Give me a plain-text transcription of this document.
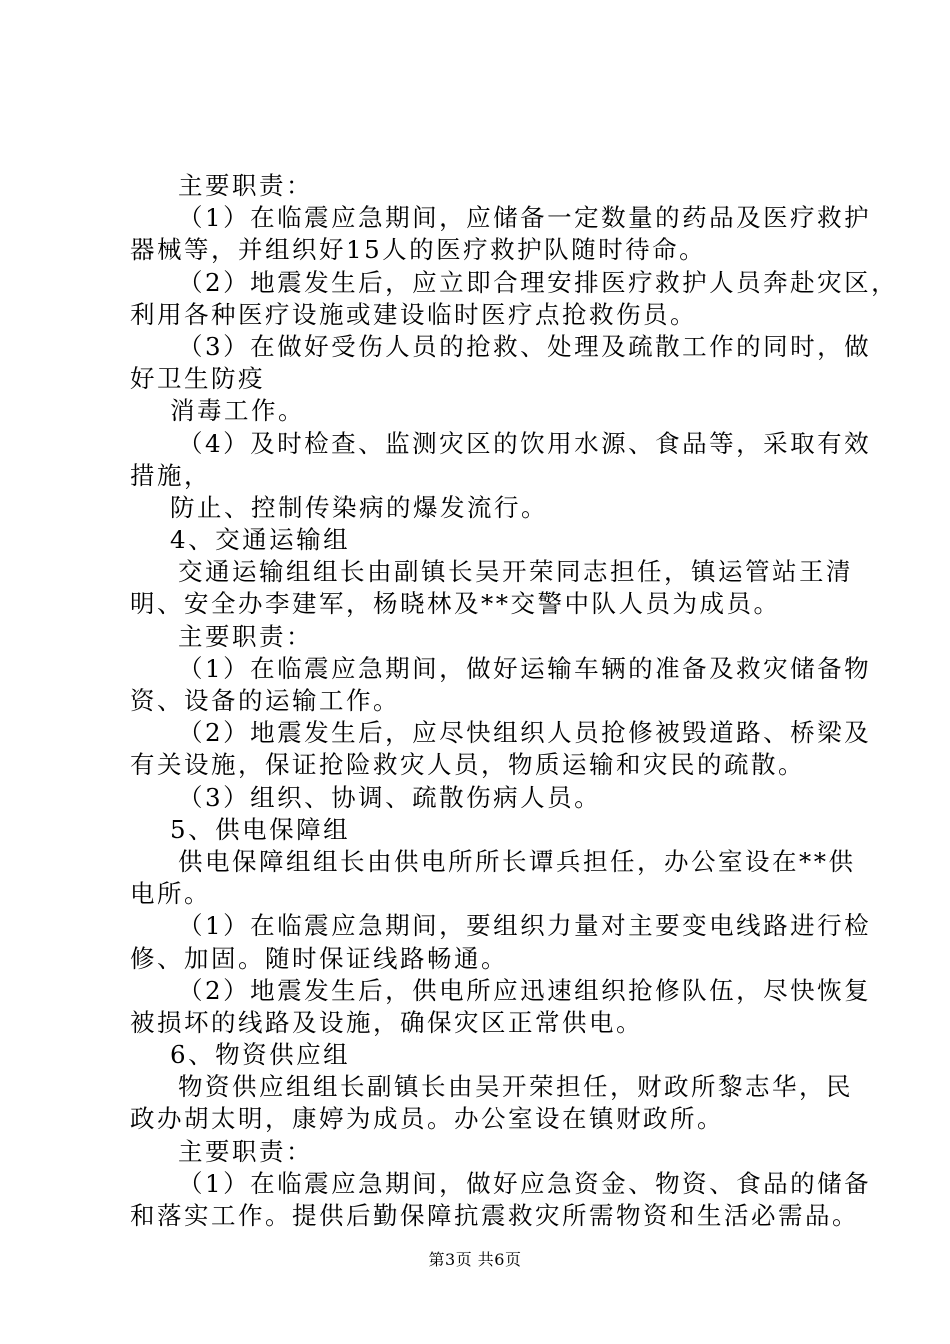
主要职责：
（1）在临震应急期间，应储备一定数量的药品及医疗救护
器械等，并组织好15人的医疗救护队随时待命。
（2）地震发生后，应立即合理安排医疗救护人员奔赴灾区，
利用各种医疗设施或建设临时医疗点抢救伤员。
（3）在做好受伤人员的抢救、处理及疏散工作的同时，做
好卫生防疫
消毒工作。
（4）及时检查、监测灾区的饮用水源、食品等，采取有效
措施，
防止、控制传染病的爆发流行。
4、交通运输组
交通运输组组长由副镇长吴开荣同志担任，镇运管站王清
明、安全办李建军，杨晓林及**交警中队人员为成员。
主要职责：
（1）在临震应急期间，做好运输车辆的准备及救灾储备物
资、设备的运输工作。
（2）地震发生后，应尽快组织人员抢修被毁道路、桥梁及
有关设施，保证抢险救灾人员，物质运输和灾民的疏散。
（3）组织、协调、疏散伤病人员。
5、供电保障组
供电保障组组长由供电所所长谭兵担任，办公室设在**供
电所。
（1）在临震应急期间，要组织力量对主要变电线路进行检
修、加固。随时保证线路畅通。
（2）地震发生后，供电所应迅速组织抢修队伍，尽快恢复
被损坏的线路及设施，确保灾区正常供电。
6、物资供应组
物资供应组组长副镇长由吴开荣担任，财政所黎志华，民
政办胡太明，康婷为成员。办公室设在镇财政所。
主要职责：
（1）在临震应急期间，做好应急资金、物资、食品的储备
和落实工作。提供后勤保障抗震救灾所需物资和生活必需品。
第3页 共6页
